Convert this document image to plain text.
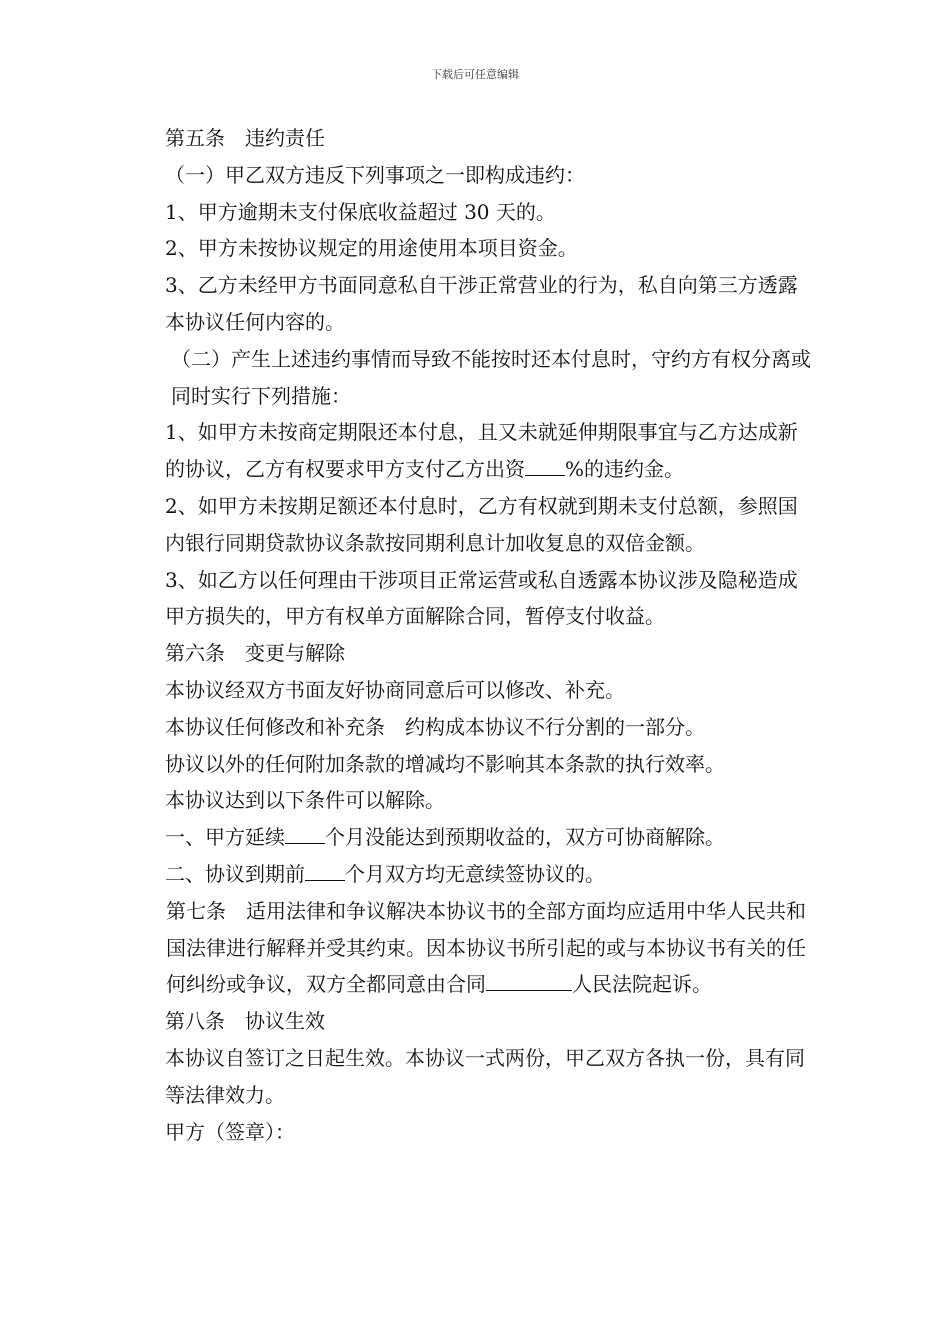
下载后可任意编辑

第五条　违约责任

（一）甲乙双方违反下列事项之一即构成违约：

1、甲方逾期未支付保底收益超过 30 天的。

2、甲方未按协议规定的用途使用本项目资金。

3、乙方未经甲方书面同意私自干涉正常营业的行为，私自向第三方透露本协议任何内容的。

（二）产生上述违约事情而导致不能按时还本付息时，守约方有权分离或同时实行下列措施：

1、如甲方未按商定期限还本付息，且又未就延伸期限事宜与乙方达成新的协议，乙方有权要求甲方支付乙方出资 %的违约金。

2、如甲方未按期足额还本付息时，乙方有权就到期未支付总额，参照国内银行同期贷款协议条款按同期利息计加收复息的双倍金额。

3、如乙方以任何理由干涉项目正常运营或私自透露本协议涉及隐秘造成甲方损失的，甲方有权单方面解除合同，暂停支付收益。

第六条　变更与解除

本协议经双方书面友好协商同意后可以修改、补充。

本协议任何修改和补充条　约构成本协议不行分割的一部分。

协议以外的任何附加条款的增减均不影响其本条款的执行效率。

本协议达到以下条件可以解除。

一、甲方延续 个月没能达到预期收益的，双方可协商解除。

二、协议到期前 个月双方均无意续签协议的。

第七条　适用法律和争议解决本协议书的全部方面均应适用中华人民共和国法律进行解释并受其约束。因本协议书所引起的或与本协议书有关的任何纠纷或争议，双方全都同意由合同	人民法院起诉。

第八条　协议生效

本协议自签订之日起生效。本协议一式两份，甲乙双方各执一份，具有同等法律效力。

甲方（签章）：
